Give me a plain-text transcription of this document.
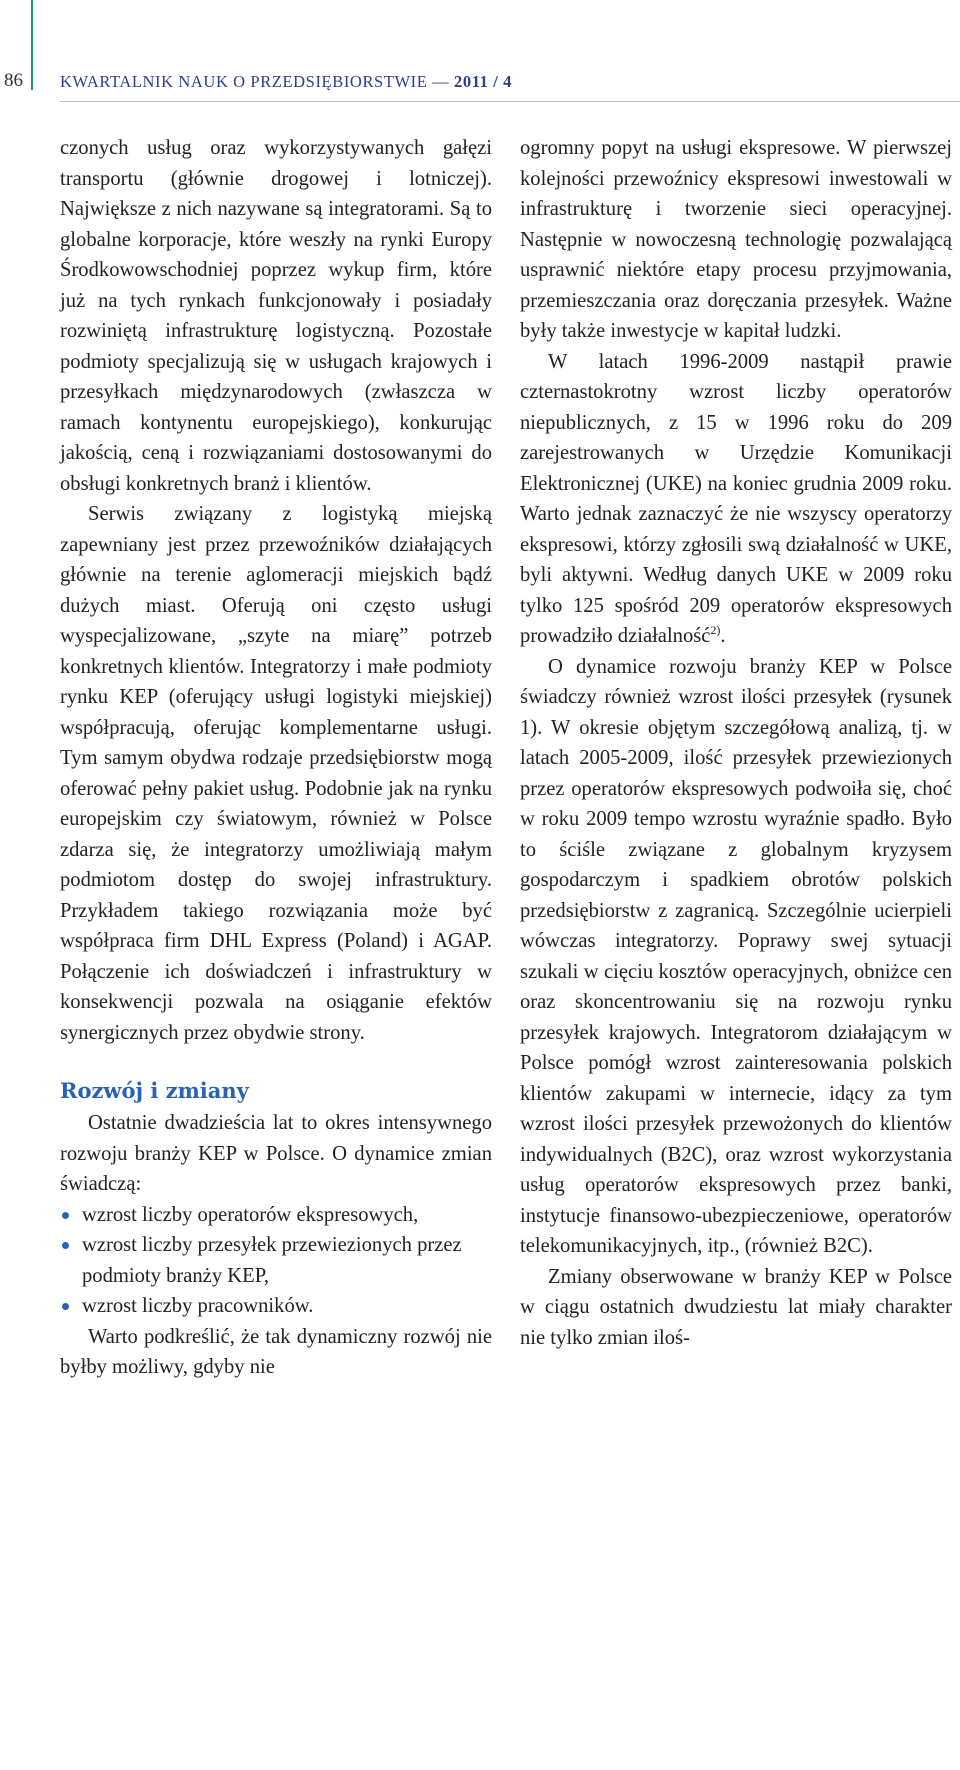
86 KWARTALNIK NAUK O PRZEDSIĘBIORSTWIE — 2011 / 4

czonych usług oraz wykorzystywanych gałęzi transportu (głównie drogowej i lotniczej). Największe z nich nazywane są integratorami. Są to globalne korporacje, które weszły na rynki Europy Środkowowschodniej poprzez wykup firm, które już na tych rynkach funkcjonowały i posiadały rozwiniętą infrastrukturę logistyczną. Pozostałe podmioty specjalizują się w usługach krajowych i przesyłkach międzynarodowych (zwłaszcza w ramach kontynentu europejskiego), konkurując jakością, ceną i rozwiązaniami dostosowanymi do obsługi konkretnych branż i klientów.

Serwis związany z logistyką miejską zapewniany jest przez przewoźników działających głównie na terenie aglomeracji miejskich bądź dużych miast. Oferują oni często usługi wyspecjalizowane, „szyte na miarę” potrzeb konkretnych klientów. Integratorzy i małe podmioty rynku KEP (oferujący usługi logistyki miejskiej) współpracują, oferując komplementarne usługi. Tym samym obydwa rodzaje przedsiębiorstw mogą oferować pełny pakiet usług. Podobnie jak na rynku europejskim czy światowym, również w Polsce zdarza się, że integratorzy umożliwiają małym podmiotom dostęp do swojej infrastruktury. Przykładem takiego rozwiązania może być współpraca firm DHL Express (Poland) i AGAP. Połączenie ich doświadczeń i infrastruktury w konsekwencji pozwala na osiąganie efektów synergicznych przez obydwie strony.

Rozwój i zmiany

Ostatnie dwadzieścia lat to okres intensywnego rozwoju branży KEP w Polsce. O dynamice zmian świadczą:

wzrost liczby operatorów ekspresowych,
wzrost liczby przesyłek przewiezionych przez podmioty branży KEP,
wzrost liczby pracowników.

Warto podkreślić, że tak dynamiczny rozwój nie byłby możliwy, gdyby nie

ogromny popyt na usługi ekspresowe. W pierwszej kolejności przewoźnicy ekspresowi inwestowali w infrastrukturę i tworzenie sieci operacyjnej. Następnie w nowoczesną technologię pozwalającą usprawnić niektóre etapy procesu przyjmowania, przemieszczania oraz doręczania przesyłek. Ważne były także inwestycje w kapitał ludzki.

W latach 1996-2009 nastąpił prawie czternastokrotny wzrost liczby operatorów niepublicznych, z 15 w 1996 roku do 209 zarejestrowanych w Urzędzie Komunikacji Elektronicznej (UKE) na koniec grudnia 2009 roku. Warto jednak zaznaczyć że nie wszyscy operatorzy ekspresowi, którzy zgłosili swą działalność w UKE, byli aktywni. Według danych UKE w 2009 roku tylko 125 spośród 209 operatorów ekspresowych prowadziło działalność$^{2)}$.

O dynamice rozwoju branży KEP w Polsce świadczy również wzrost ilości przesyłek (rysunek 1). W okresie objętym szczegółową analizą, tj. w latach 2005-2009, ilość przesyłek przewiezionych przez operatorów ekspresowych podwoiła się, choć w roku 2009 tempo wzrostu wyraźnie spadło. Było to ściśle związane z globalnym kryzysem gospodarczym i spadkiem obrotów polskich przedsiębiorstw z zagranicą. Szczególnie ucierpieli wówczas integratorzy. Poprawy swej sytuacji szukali w cięciu kosztów operacyjnych, obniżce cen oraz skoncentrowaniu się na rozwoju rynku przesyłek krajowych. Integratorom działającym w Polsce pomógł wzrost zainteresowania polskich klientów zakupami w internecie, idący za tym wzrost ilości przesyłek przewożonych do klientów indywidualnych (B2C), oraz wzrost wykorzystania usług operatorów ekspresowych przez banki, instytucje finansowo-ubezpieczeniowe, operatorów telekomunikacyjnych, itp., (również B2C).

Zmiany obserwowane w branży KEP w Polsce w ciągu ostatnich dwudziestu lat miały charakter nie tylko zmian iloś-
